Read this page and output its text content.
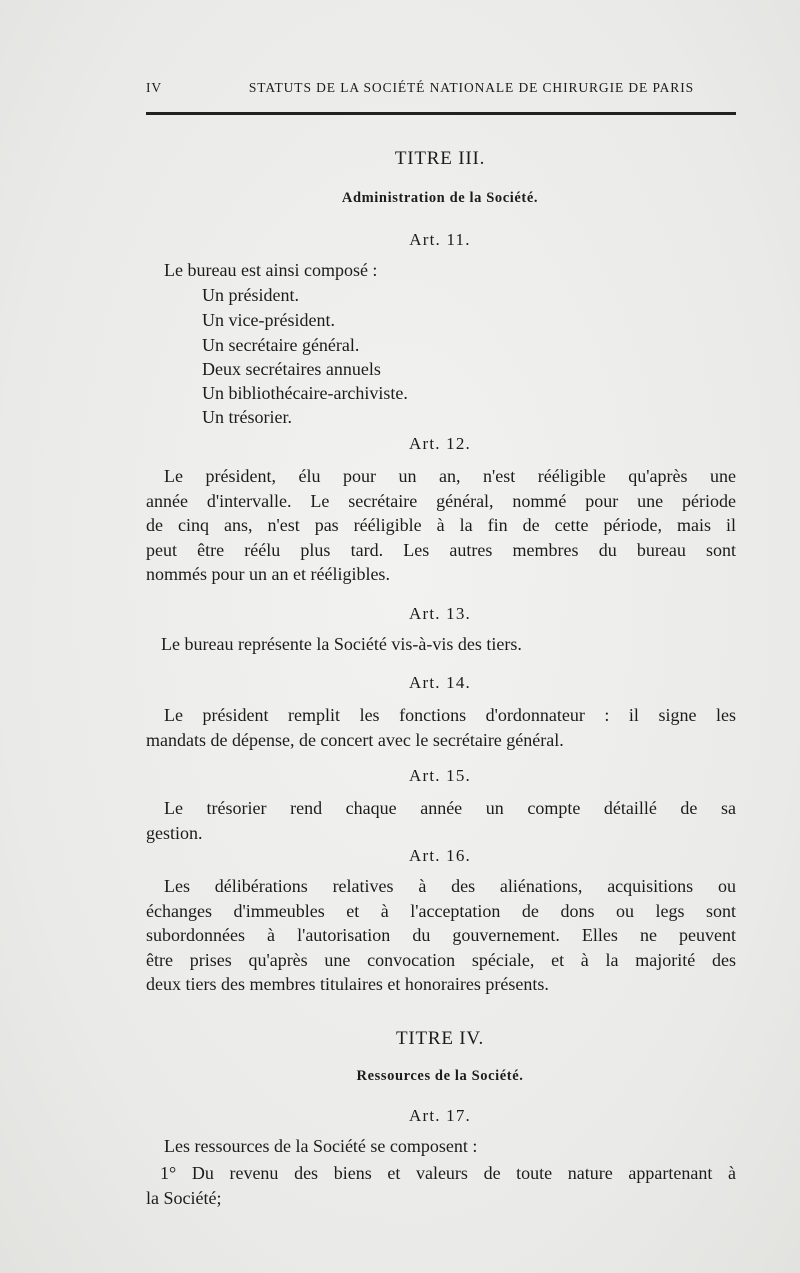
IV	STATUTS DE LA SOCIÉTÉ NATIONALE DE CHIRURGIE DE PARIS
TITRE III.
Administration de la Société.
Art. 11.
Le bureau est ainsi composé :
Un président.
Un vice-président.
Un secrétaire général.
Deux secrétaires annuels
Un bibliothécaire-archiviste.
Un trésorier.
Art. 12.
Le président, élu pour un an, n'est rééligible qu'après une
année d'intervalle. Le secrétaire général, nommé pour une période
de cinq ans, n'est pas rééligible à la fin de cette période, mais il
peut être réélu plus tard. Les autres membres du bureau sont
nommés pour un an et rééligibles.
Art. 13.
Le bureau représente la Société vis-à-vis des tiers.
Art. 14.
Le président remplit les fonctions d'ordonnateur : il signe les
mandats de dépense, de concert avec le secrétaire général.
Art. 15.
Le trésorier rend chaque année un compte détaillé de sa
gestion.
Art. 16.
Les délibérations relatives à des aliénations, acquisitions ou
échanges d'immeubles et à l'acceptation de dons ou legs sont
subordonnées à l'autorisation du gouvernement. Elles ne peuvent
être prises qu'après une convocation spéciale, et à la majorité des
deux tiers des membres titulaires et honoraires présents.
TITRE IV.
Ressources de la Société.
Art. 17.
Les ressources de la Société se composent :
1° Du revenu des biens et valeurs de toute nature appartenant à
la Société;
